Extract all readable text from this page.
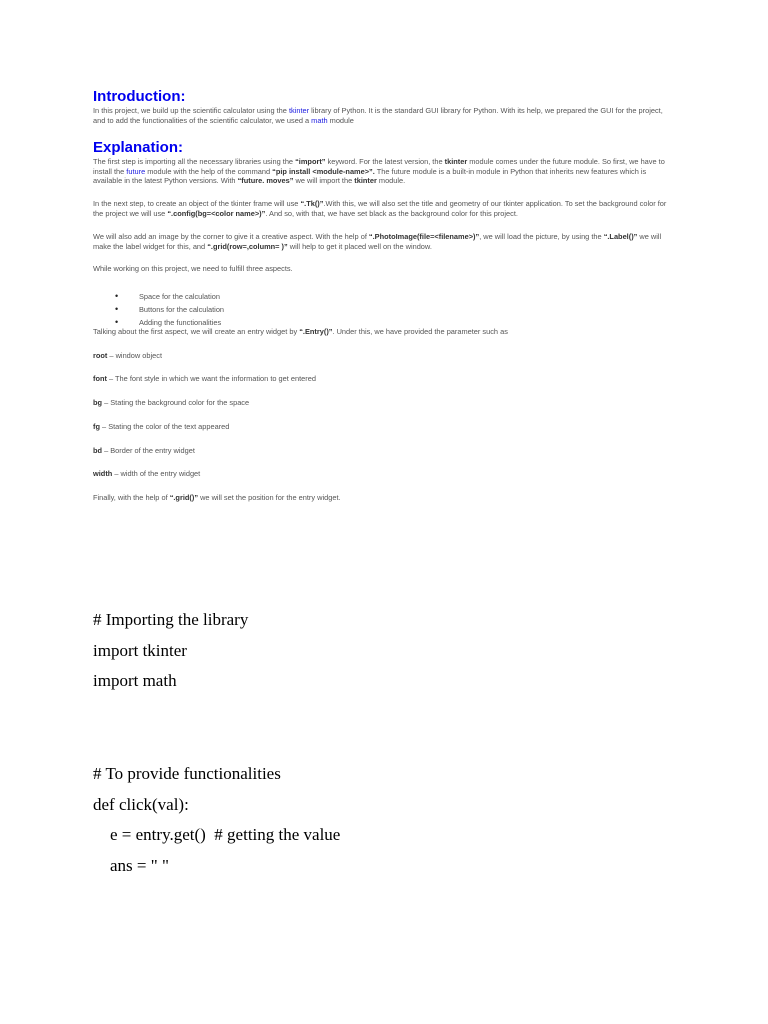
Introduction:

In this project, we build up the scientific calculator using the tkinter library of Python. It is the standard GUI library for Python. With its help, we prepared the GUI for the project, and to add the functionalities of the scientific calculator, we used a math module

Explanation:

The first step is importing all the necessary libraries using the “import” keyword. For the latest version, the tkinter module comes under the future module. So first, we have to install the future module with the help of the command “pip install <module-name>”. The future module is a built-in module in Python that inherits new features which is available in the latest Python versions. With “future. moves” we will import the tkinter module.

In the next step, to create an object of the tkinter frame will use “.Tk()”.With this, we will also set the title and geometry of our tkinter application. To set the background color for the project we will use “.config(bg=<color name>)”. And so, with that, we have set black as the background color for this project.

We will also add an image by the corner to give it a creative aspect. With the help of “.PhotoImage(file=<filename>)”, we will load the picture, by using the “.Label()” we will make the label widget for this, and “.grid(row=,column= )” will help to get it placed well on the window.

While working on this project, we need to fulfill three aspects.

•	Space for the calculation
•	Buttons for the calculation
•	Adding the functionalities

Talking about the first aspect, we will create an entry widget by “.Entry()”. Under this, we have provided the parameter such as

root – window object

font – The font style in which we want the information to get entered

bg – Stating the background color for the space

fg – Stating the color of the text appeared

bd – Border of the entry widget

width – width of the entry widget

Finally, with the help of “.grid()” we will set the position for the entry widget.

# Importing the library
import tkinter
import math
# To provide functionalities
def click(val):
e = entry.get()  # getting the value
ans = " "
